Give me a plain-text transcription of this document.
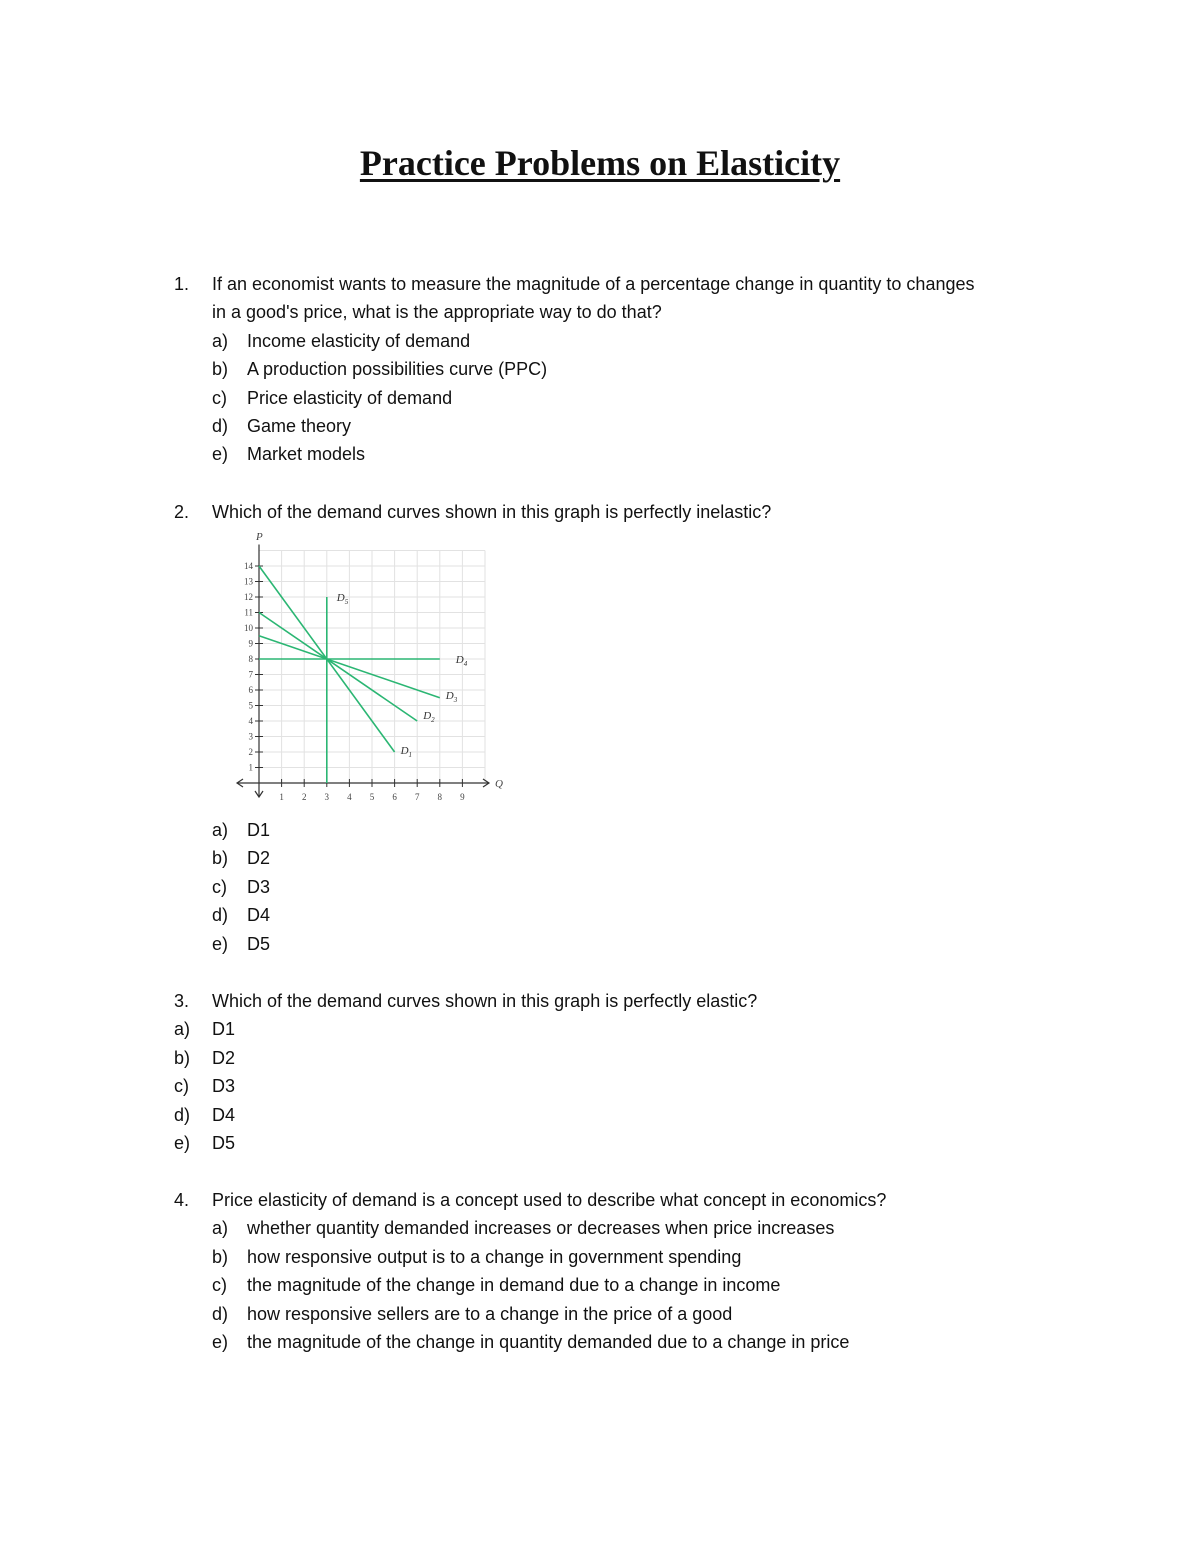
Practice Problems on Elasticity
1. If an economist wants to measure the magnitude of a percentage change in quantity to changes
in a good's price, what is the appropriate way to do that?
a) Income elasticity of demand
b) A production possibilities curve (PPC)
c) Price elasticity of demand
d) Game theory
e) Market models
2. Which of the demand curves shown in this graph is perfectly inelastic?
P
Q
1
2
3
4
5
6
7
8
9
10
11
12
13
14
1 2 3 4 5 6 7 8 9
$D_1$
$D_2$
$D_3$
$D_4$
$D_5$
a) D1
b) D2
c) D3
d) D4
e) D5
3. Which of the demand curves shown in this graph is perfectly elastic?
a) D1
b) D2
c) D3
d) D4
e) D5
4. Price elasticity of demand is a concept used to describe what concept in economics?
a) whether quantity demanded increases or decreases when price increases
b) how responsive output is to a change in government spending
c) the magnitude of the change in demand due to a change in income
d) how responsive sellers are to a change in the price of a good
e) the magnitude of the change in quantity demanded due to a change in price
